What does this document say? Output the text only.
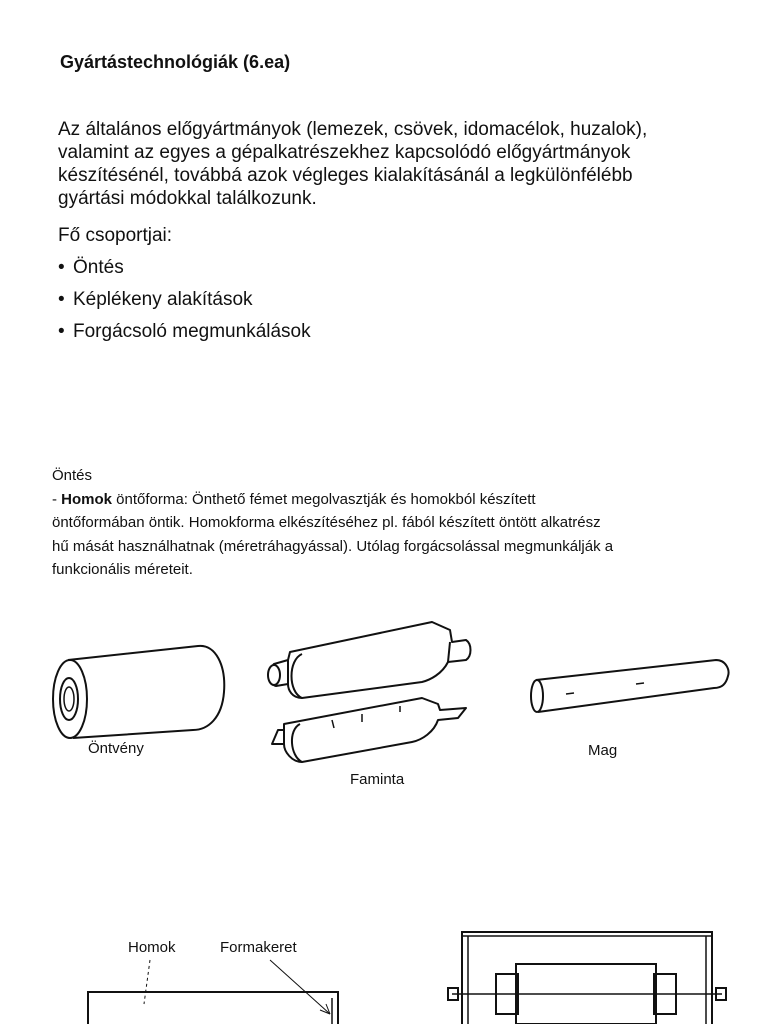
Gyártástechnológiák (6.ea)
Az általános előgyártmányok (lemezek, csövek, idomacélok, huzalok),
valamint az egyes a gépalkatrészekhez kapcsolódó előgyártmányok
készítésénél, továbbá azok végleges kialakításánál a legkülönfélébb
gyártási módokkal találkozunk.
Fő csoportjai:
• Öntés
• Képlékeny alakítások
• Forgácsoló megmunkálások
Öntés
- Homok öntőforma: Önthető fémet megolvasztják és homokból készített
öntőformában öntik. Homokforma elkészítéséhez pl. fából készített öntött alkatrész
hű mását használhatnak (méretráhagyással). Utólag forgácsolással megmunkálják a
funkcionális méreteit.
Öntvény
Faminta
Mag
Homok	Formakeret
